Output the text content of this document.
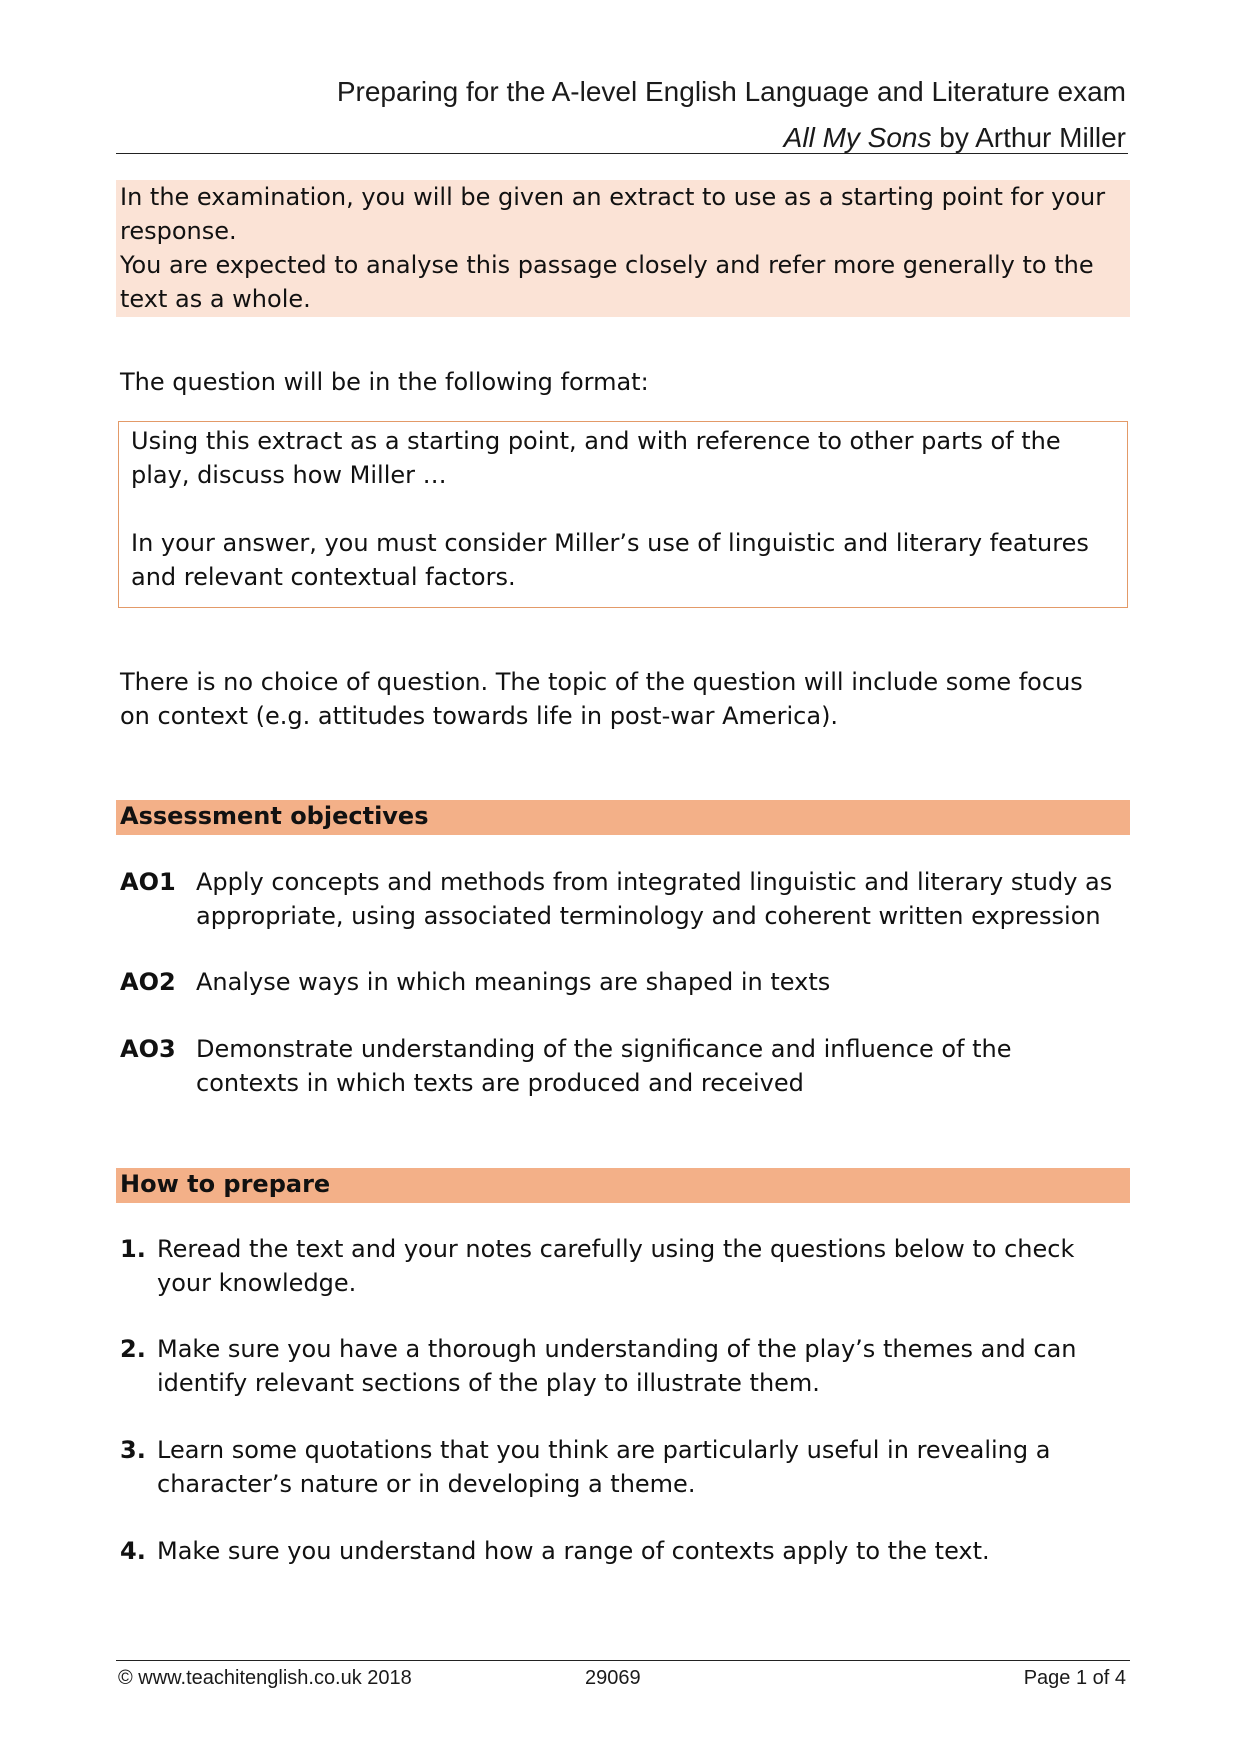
Preparing for the A-level English Language and Literature exam
All My Sons by Arthur Miller

In the examination, you will be given an extract to use as a starting point for your response.

You are expected to analyse this passage closely and refer more generally to the text as a whole.

The question will be in the following format:

Using this extract as a starting point, and with reference to other parts of the play, discuss how Miller …

In your answer, you must consider Miller’s use of linguistic and literary features and relevant contextual factors.

There is no choice of question. The topic of the question will include some focus on context (e.g. attitudes towards life in post-war America).

Assessment objectives
AO1 Apply concepts and methods from integrated linguistic and literary study as appropriate, using associated terminology and coherent written expression
AO2 Analyse ways in which meanings are shaped in texts
AO3 Demonstrate understanding of the significance and influence of the contexts in which texts are produced and received
How to prepare
1. Reread the text and your notes carefully using the questions below to check your knowledge.
2. Make sure you have a thorough understanding of the play’s themes and can identify relevant sections of the play to illustrate them.
3. Learn some quotations that you think are particularly useful in revealing a character’s nature or in developing a theme.
4. Make sure you understand how a range of contexts apply to the text.
© www.teachitenglish.co.uk 2018	29069	Page 1 of 4
